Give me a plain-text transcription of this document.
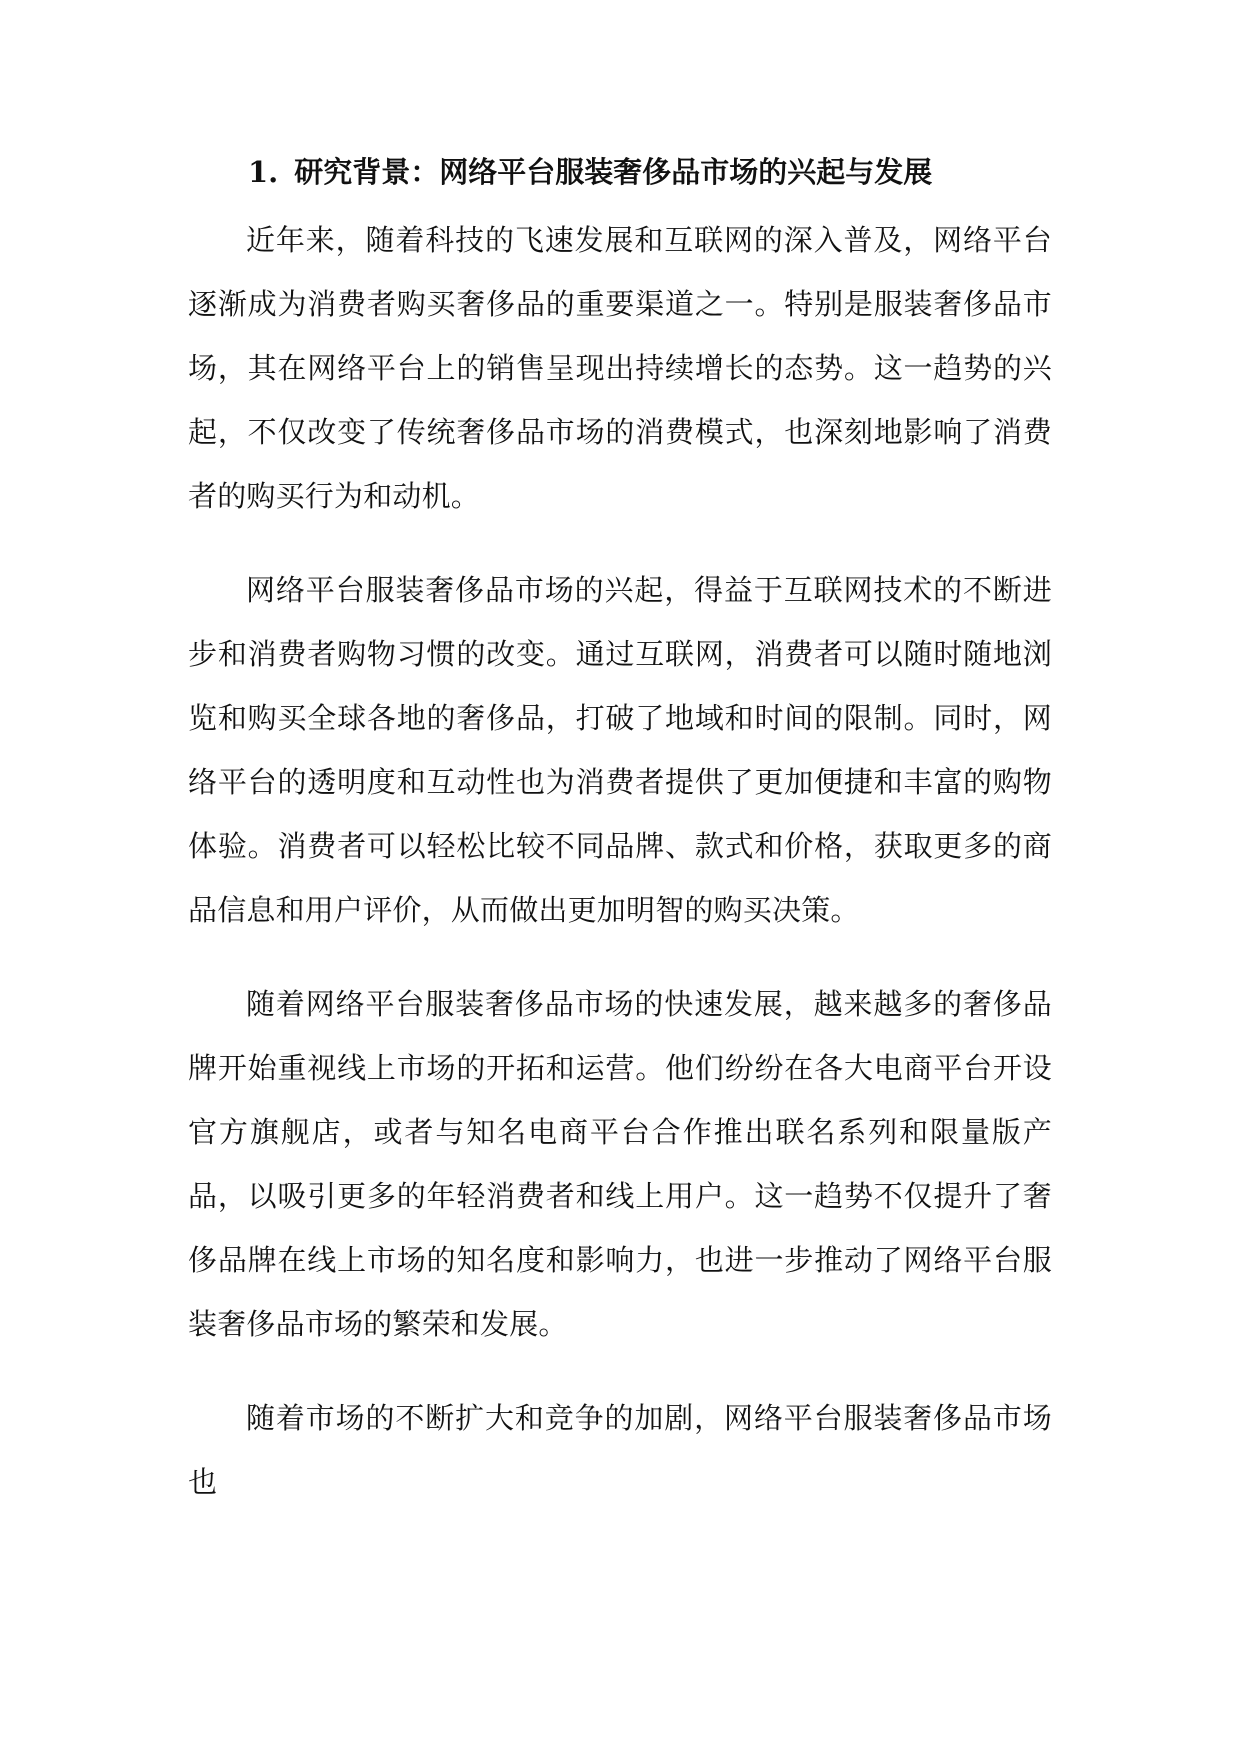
1. 研究背景：网络平台服装奢侈品市场的兴起与发展

近年来，随着科技的飞速发展和互联网的深入普及，网络平台逐渐成为消费者购买奢侈品的重要渠道之一。特别是服装奢侈品市场，其在网络平台上的销售呈现出持续增长的态势。这一趋势的兴起，不仅改变了传统奢侈品市场的消费模式，也深刻地影响了消费者的购买行为和动机。

网络平台服装奢侈品市场的兴起，得益于互联网技术的不断进步和消费者购物习惯的改变。通过互联网，消费者可以随时随地浏览和购买全球各地的奢侈品，打破了地域和时间的限制。同时，网络平台的透明度和互动性也为消费者提供了更加便捷和丰富的购物体验。消费者可以轻松比较不同品牌、款式和价格，获取更多的商品信息和用户评价，从而做出更加明智的购买决策。

随着网络平台服装奢侈品市场的快速发展，越来越多的奢侈品牌开始重视线上市场的开拓和运营。他们纷纷在各大电商平台开设官方旗舰店，或者与知名电商平台合作推出联名系列和限量版产品，以吸引更多的年轻消费者和线上用户。这一趋势不仅提升了奢侈品牌在线上市场的知名度和影响力，也进一步推动了网络平台服装奢侈品市场的繁荣和发展。

随着市场的不断扩大和竞争的加剧，网络平台服装奢侈品市场也
